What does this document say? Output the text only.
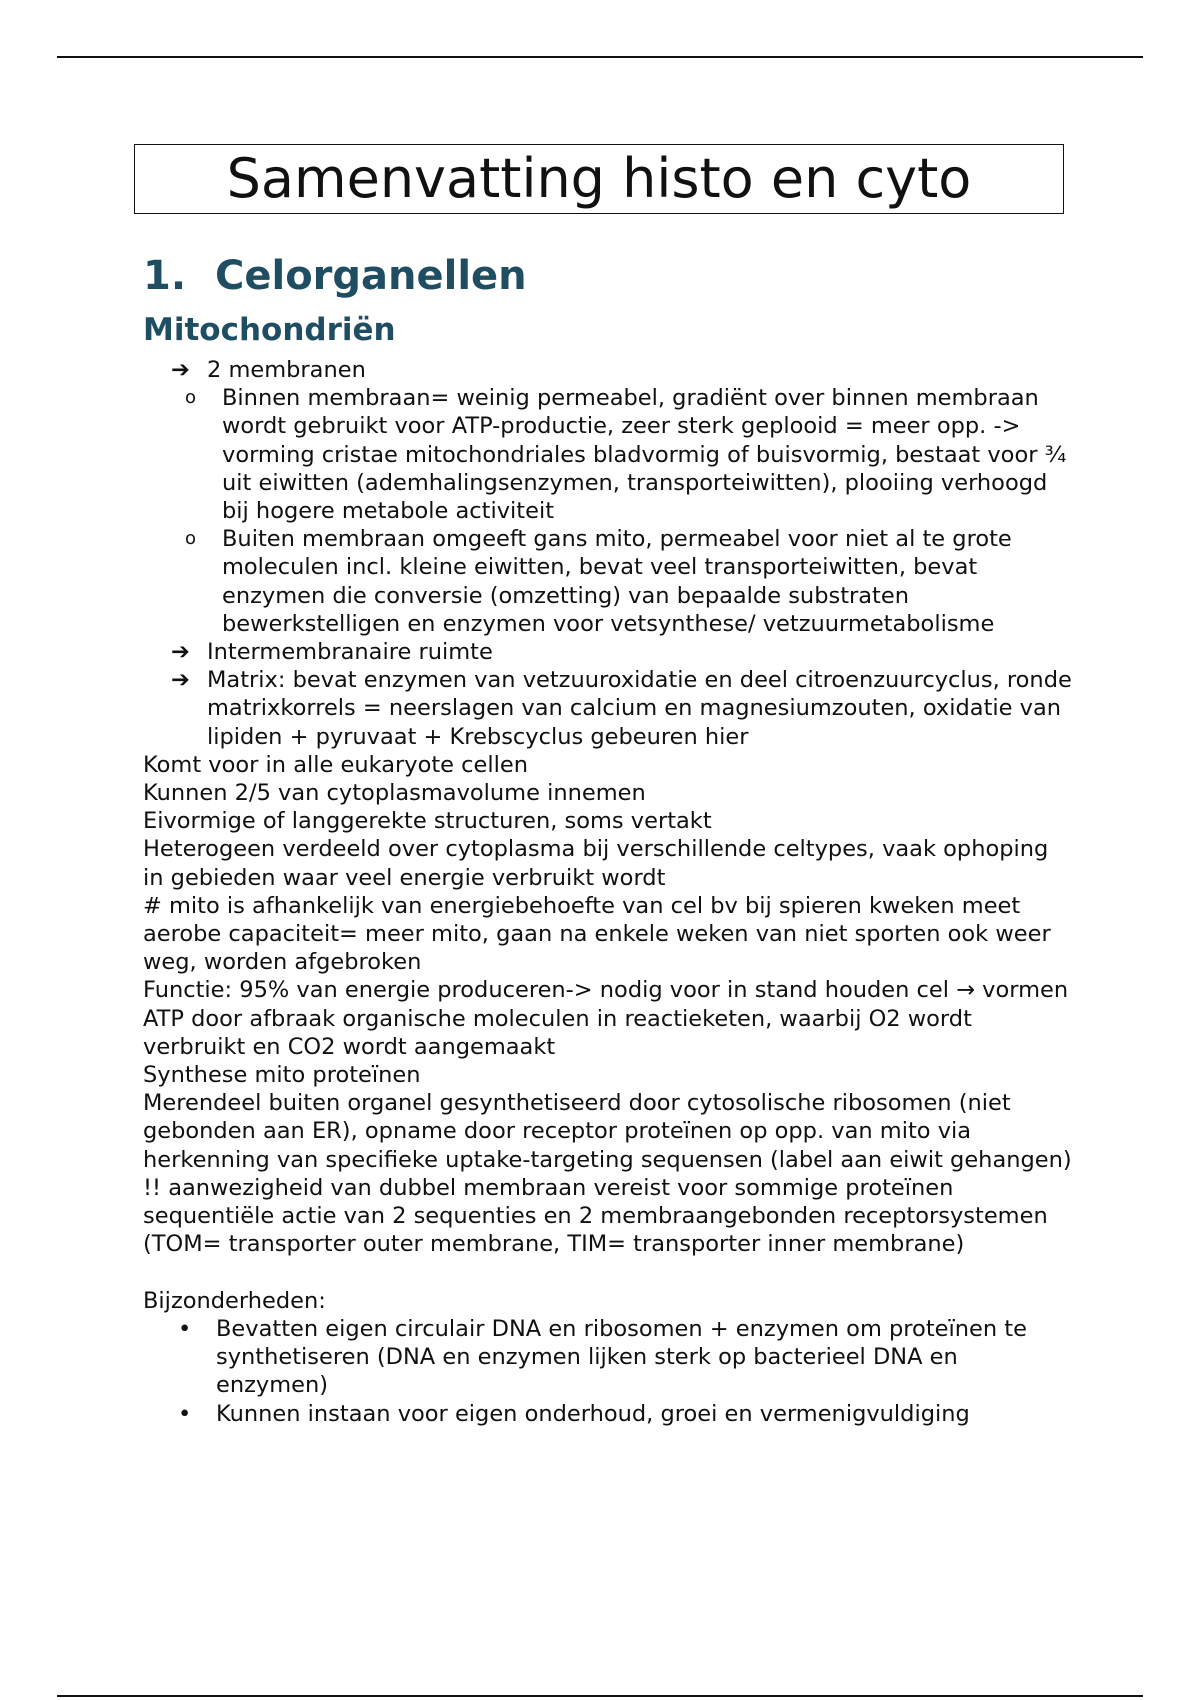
Samenvatting histo en cyto
1. Celorganellen
Mitochondriën
➔ 2 membranen
o Binnen membraan= weinig permeabel, gradiënt over binnen membraan wordt gebruikt voor ATP-productie, zeer sterk geplooid = meer opp. -> vorming cristae mitochondriales bladvormig of buisvormig, bestaat voor ¾ uit eiwitten (ademhalingsenzymen, transporteiwitten), plooiing verhoogd bij hogere metabole activiteit
o Buiten membraan omgeeft gans mito, permeabel voor niet al te grote moleculen incl. kleine eiwitten, bevat veel transporteiwitten, bevat enzymen die conversie (omzetting) van bepaalde substraten bewerkstelligen en enzymen voor vetsynthese/ vetzuurmetabolisme
➔ Intermembranaire ruimte
➔ Matrix: bevat enzymen van vetzuuroxidatie en deel citroenzuurcyclus, ronde matrixkorrels = neerslagen van calcium en magnesiumzouten, oxidatie van lipiden + pyruvaat + Krebscyclus gebeuren hier

Komt voor in alle eukaryote cellen

Kunnen 2/5 van cytoplasmavolume innemen

Eivormige of langgerekte structuren, soms vertakt

Heterogeen verdeeld over cytoplasma bij verschillende celtypes, vaak ophoping in gebieden waar veel energie verbruikt wordt

# mito is afhankelijk van energiebehoefte van cel bv bij spieren kweken meet aerobe capaciteit= meer mito, gaan na enkele weken van niet sporten ook weer weg, worden afgebroken

Functie: 95% van energie produceren-> nodig voor in stand houden cel → vormen ATP door afbraak organische moleculen in reactieketen, waarbij O2 wordt verbruikt en CO2 wordt aangemaakt

Synthese mito proteïnen

Merendeel buiten organel gesynthetiseerd door cytosolische ribosomen (niet gebonden aan ER), opname door receptor proteïnen op opp. van mito via herkenning van specifieke uptake-targeting sequensen (label aan eiwit gehangen)

!! aanwezigheid van dubbel membraan vereist voor sommige proteïnen sequentiële actie van 2 sequenties en 2 membraangebonden receptorsystemen (TOM= transporter outer membrane, TIM= transporter inner membrane)

Bijzonderheden:

• Bevatten eigen circulair DNA en ribosomen + enzymen om proteïnen te synthetiseren (DNA en enzymen lijken sterk op bacterieel DNA en enzymen)
• Kunnen instaan voor eigen onderhoud, groei en vermenigvuldiging
